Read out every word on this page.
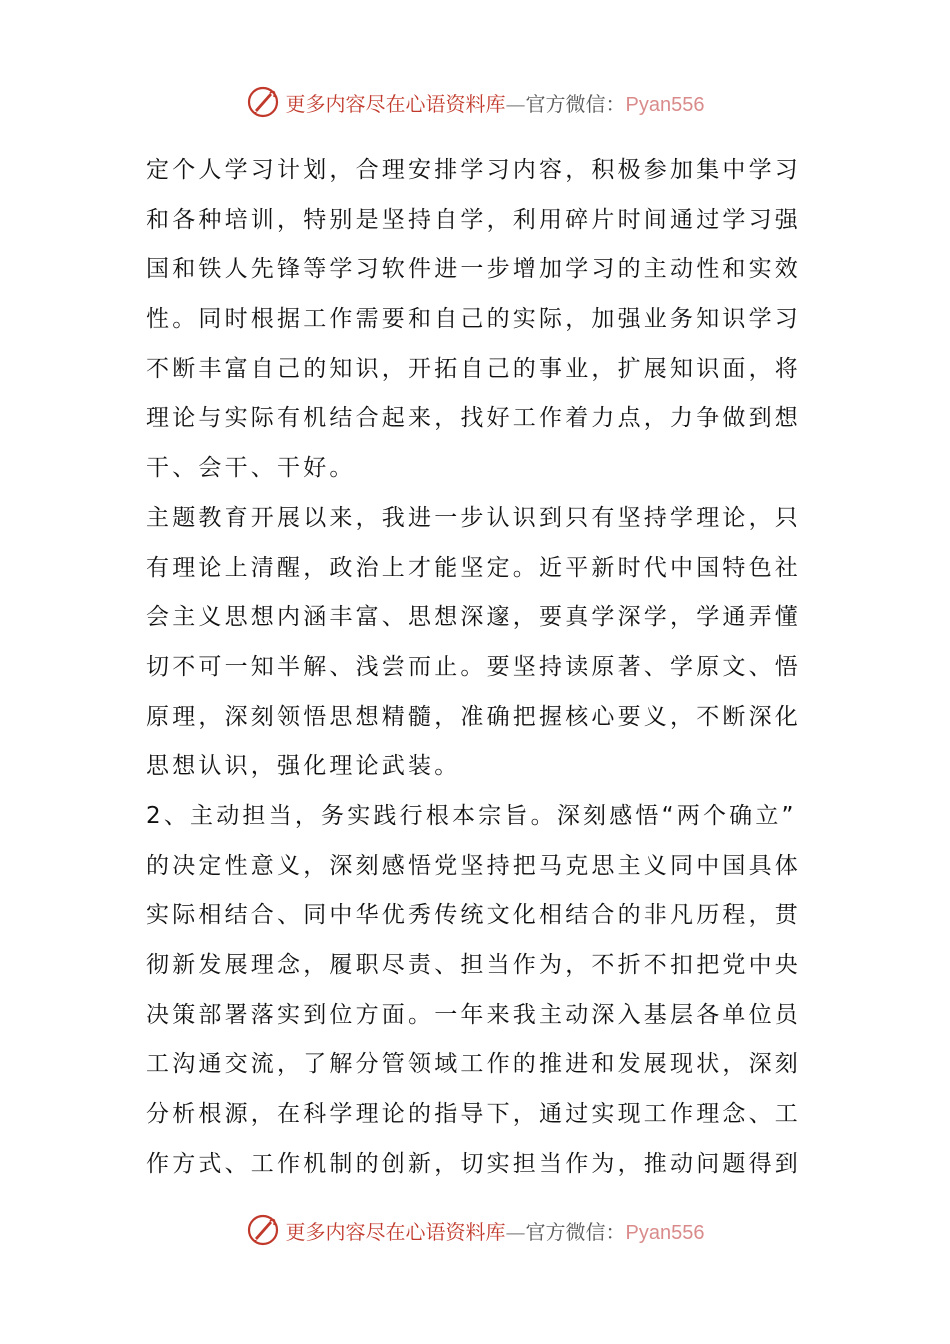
更多内容尽在心语资料库—官方微信：Pyan556
定个人学习计划，合理安排学习内容，积极参加集中学习
和各种培训，特别是坚持自学，利用碎片时间通过学习强
国和铁人先锋等学习软件进一步增加学习的主动性和实效
性。同时根据工作需要和自己的实际，加强业务知识学习
不断丰富自己的知识，开拓自己的事业，扩展知识面，将
理论与实际有机结合起来，找好工作着力点，力争做到想
干、会干、干好。
主题教育开展以来，我进一步认识到只有坚持学理论，只
有理论上清醒，政治上才能坚定。近平新时代中国特色社
会主义思想内涵丰富、思想深邃，要真学深学，学通弄懂
切不可一知半解、浅尝而止。要坚持读原著、学原文、悟
原理，深刻领悟思想精髓，准确把握核心要义，不断深化
思想认识，强化理论武装。
2、主动担当，务实践行根本宗旨。深刻感悟“两个确立”
的决定性意义，深刻感悟党坚持把马克思主义同中国具体
实际相结合、同中华优秀传统文化相结合的非凡历程，贯
彻新发展理念，履职尽责、担当作为，不折不扣把党中央
决策部署落实到位方面。一年来我主动深入基层各单位员
工沟通交流，了解分管领域工作的推进和发展现状，深刻
分析根源，在科学理论的指导下，通过实现工作理念、工
作方式、工作机制的创新，切实担当作为，推动问题得到
更多内容尽在心语资料库—官方微信：Pyan556
